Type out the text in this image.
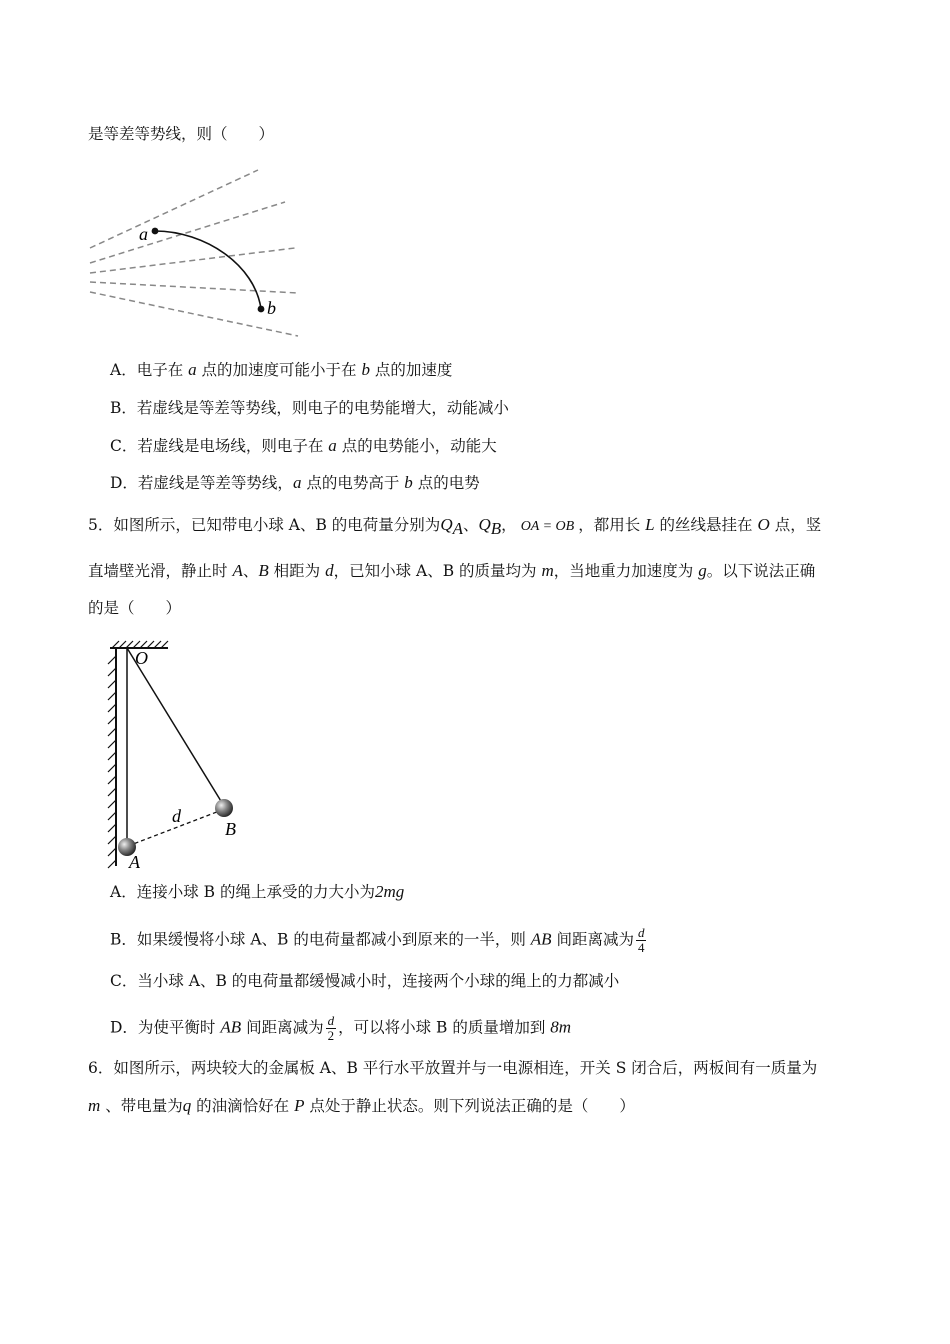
是等差等势线，则（　　）
a
b
A．电子在 a 点的加速度可能小于在 b 点的加速度
B．若虚线是等差等势线，则电子的电势能增大，动能减小
C．若虚线是电场线，则电子在 a 点的电势能小，动能大
D．若虚线是等差等势线，a 点的电势高于 b 点的电势
5．如图所示，已知带电小球 A、B 的电荷量分别为$Q_A$、$Q_B$， OA = OB ，都用长 L 的丝线悬挂在 O 点，竖
直墙壁光滑，静止时 A、B 相距为 d，已知小球 A、B 的质量均为 m，当地重力加速度为 g。以下说法正确
的是（　　）
O
A
B
d
A．连接小球 B 的绳上承受的力大小为2mg
B．如果缓慢将小球 A、B 的电荷量都减小到原来的一半，则 AB 间距离减为 $\frac{d}{4}$
C．当小球 A、B 的电荷量都缓慢减小时，连接两个小球的绳上的力都减小
D．为使平衡时 AB 间距离减为 $\frac{d}{2}$ ，可以将小球 B 的质量增加到 8m
6．如图所示，两块较大的金属板 A、B 平行水平放置并与一电源相连，开关 S 闭合后，两板间有一质量为
m 、带电量为q 的油滴恰好在 P 点处于静止状态。则下列说法正确的是（　　）
